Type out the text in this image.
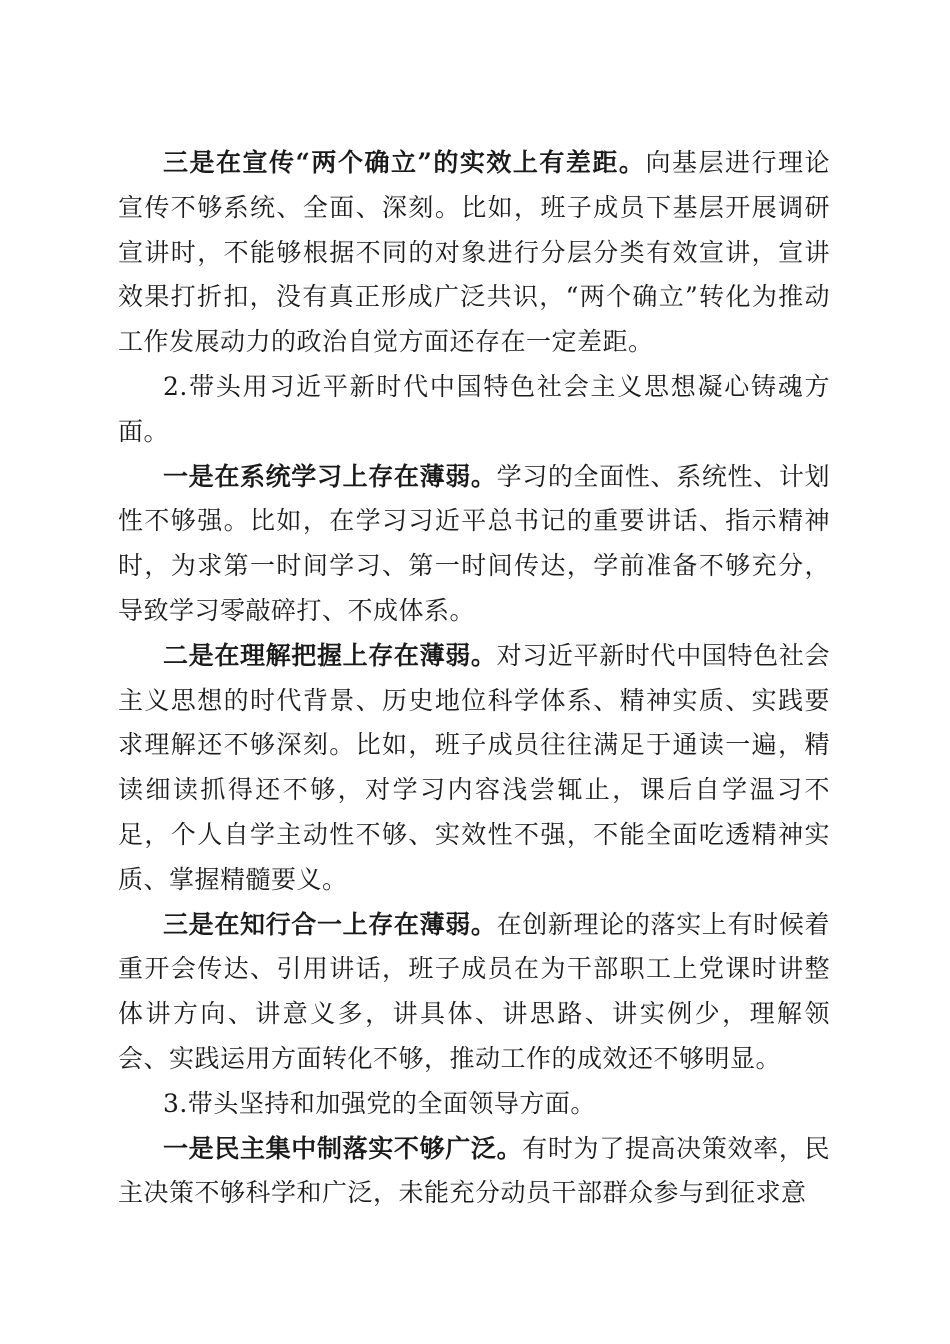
三是在宣传“两个确立”的实效上有差距。向基层进行理论宣传不够系统、全面、深刻。比如，班子成员下基层开展调研宣讲时，不能够根据不同的对象进行分层分类有效宣讲，宣讲效果打折扣，没有真正形成广泛共识，“两个确立”转化为推动工作发展动力的政治自觉方面还存在一定差距。

2.带头用习近平新时代中国特色社会主义思想凝心铸魂方面。

一是在系统学习上存在薄弱。学习的全面性、系统性、计划性不够强。比如，在学习习近平总书记的重要讲话、指示精神时，为求第一时间学习、第一时间传达，学前准备不够充分，导致学习零敲碎打、不成体系。

二是在理解把握上存在薄弱。对习近平新时代中国特色社会主义思想的时代背景、历史地位科学体系、精神实质、实践要求理解还不够深刻。比如，班子成员往往满足于通读一遍，精读细读抓得还不够，对学习内容浅尝辄止，课后自学温习不足，个人自学主动性不够、实效性不强，不能全面吃透精神实质、掌握精髓要义。

三是在知行合一上存在薄弱。在创新理论的落实上有时候着重开会传达、引用讲话，班子成员在为干部职工上党课时讲整体讲方向、讲意义多，讲具体、讲思路、讲实例少，理解领会、实践运用方面转化不够，推动工作的成效还不够明显。

3.带头坚持和加强党的全面领导方面。

一是民主集中制落实不够广泛。有时为了提高决策效率，民主决策不够科学和广泛，未能充分动员干部群众参与到征求意
